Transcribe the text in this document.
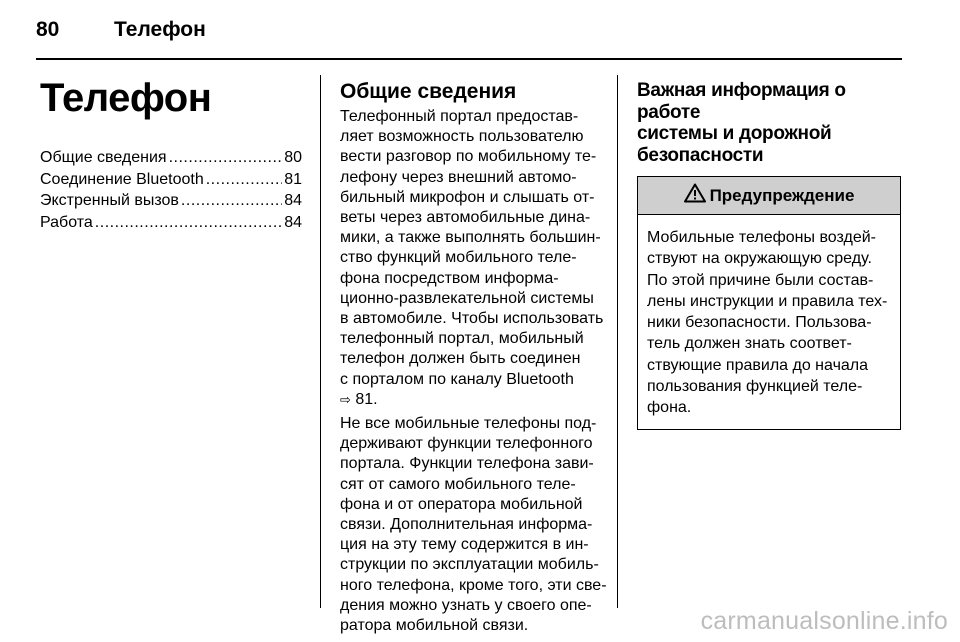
80	Телефон
Телефон
Общие сведения .....	80
Соединение Bluetooth .....	81
Экстренный вызов .....	84
Работа .....	84
Общие сведения

Телефонный портал предостав-
ляет возможность пользователю
вести разговор по мобильному те-
лефону через внешний автомо-
бильный микрофон и слышать от-
веты через автомобильные дина-
мики, а также выполнять большин-
ство функций мобильного теле-
фона посредством информа-
ционно-развлекательной системы
в автомобиле. Чтобы использовать
телефонный портал, мобильный
телефон должен быть соединен
с порталом по каналу Bluetooth
⇨ 81.

Не все мобильные телефоны под-
держивают функции телефонного
портала. Функции телефона зави-
сят от самого мобильного теле-
фона и от оператора мобильной
связи. Дополнительная информа-
ция на эту тему содержится в ин-
струкции по эксплуатации мобиль-
ного телефона, кроме того, эти све-
дения можно узнать у своего опе-
ратора мобильной связи.

Важная информация о работе
системы и дорожной
безопасности
Предупреждение
Мобильные телефоны воздей-
ствуют на окружающую среду.
По этой причине были состав-
лены инструкции и правила тех-
ники безопасности. Пользова-
тель должен знать соответ-
ствующие правила до начала
пользования функцией теле-
фона.
carmanualsonline.info
